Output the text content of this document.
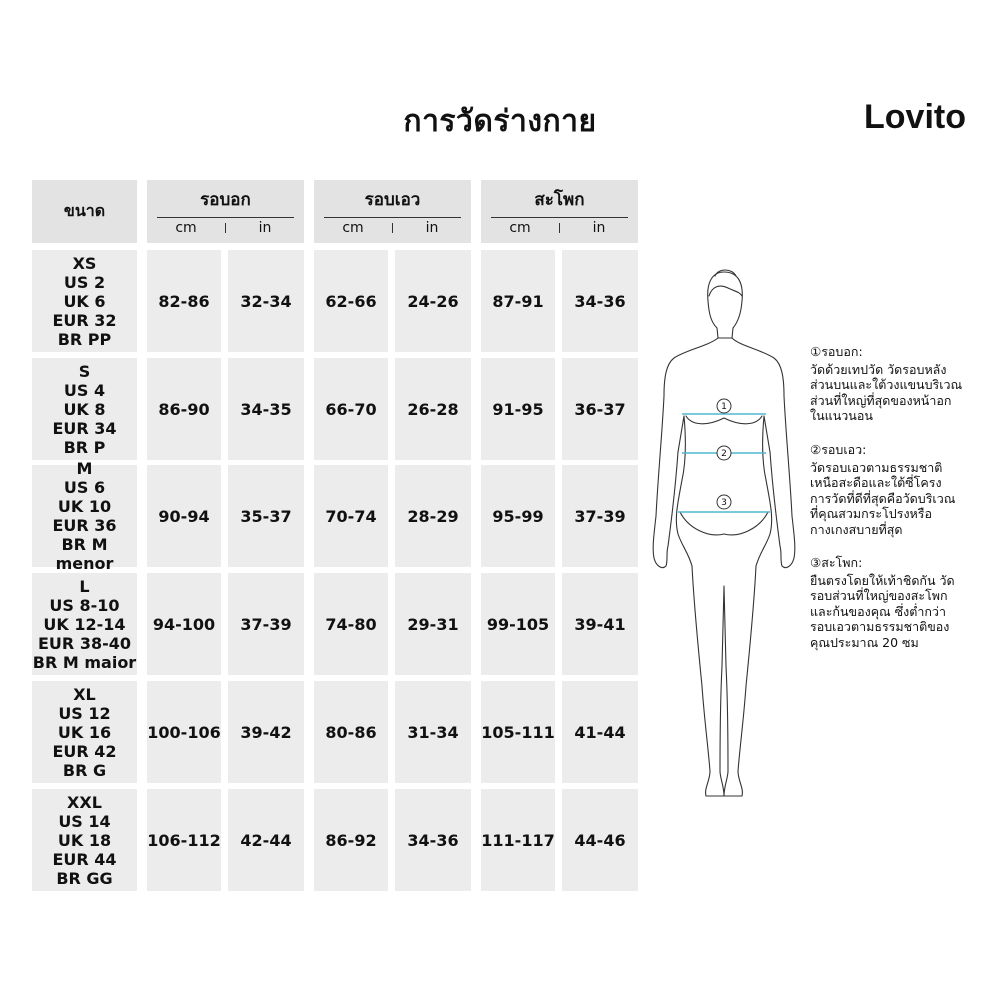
การวัดร่างกาย	Lovito
ขนาด
รอบอก
cm	in
รอบเอว
cm	in
สะโพก
cm	in
XS
US 2
UK 6
EUR 32
BR PP
82-86	32-34	62-66	24-26	87-91	34-36
S
US 4
UK 8
EUR 34
BR P
86-90	34-35	66-70	26-28	91-95	36-37
M
US 6
UK 10
EUR 36
BR M menor
90-94	35-37	70-74	28-29	95-99	37-39
L
US 8-10
UK 12-14
EUR 38-40
BR M maior
94-100	37-39	74-80	29-31	99-105	39-41
XL
US 12
UK 16
EUR 42
BR G
100-106	39-42	80-86	31-34	105-111	41-44
XXL
US 14
UK 18
EUR 44
BR GG
106-112	42-44	86-92	34-36	111-117	44-46
1
2
3
①รอบอก:

วัดด้วยเทปวัด วัดรอบหลัง
ส่วนบนและใต้วงแขนบริเวณ
ส่วนที่ใหญ่ที่สุดของหน้าอก
ในแนวนอน

②รอบเอว:

วัดรอบเอวตามธรรมชาติ
เหนือสะดือและใต้ซี่โครง
การวัดที่ดีที่สุดคือวัดบริเวณ
ที่คุณสวมกระโปรงหรือ
กางเกงสบายที่สุด

③สะโพก:

ยืนตรงโดยให้เท้าชิดกัน วัด
รอบส่วนที่ใหญ่ของสะโพก
และก้นของคุณ ซึ่งต่ำกว่า
รอบเอวตามธรรมชาติของ
คุณประมาณ 20 ซม
